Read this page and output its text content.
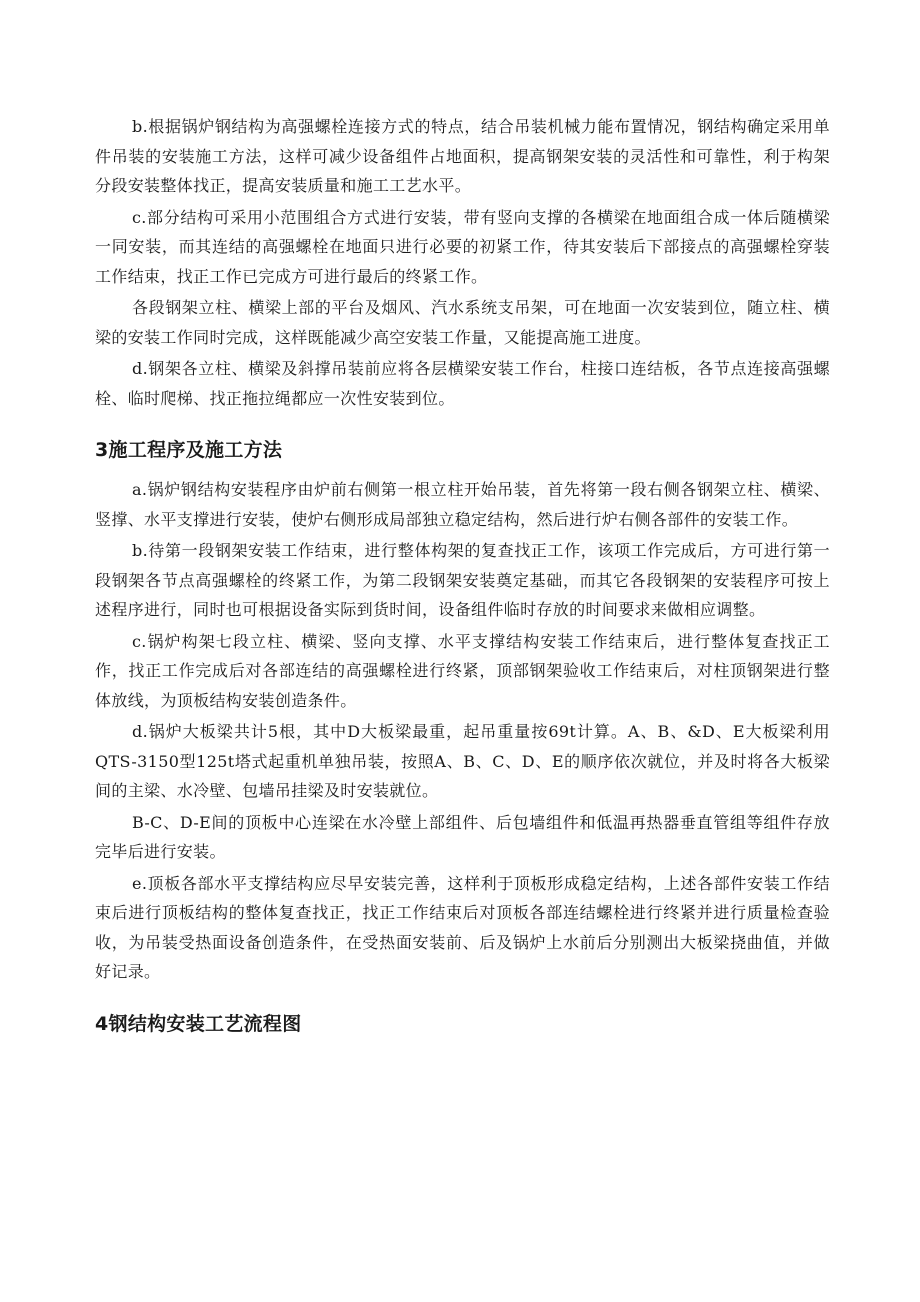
b.根据锅炉钢结构为高强螺栓连接方式的特点，结合吊装机械力能布置情况，钢结构确定采用单件吊装的安装施工方法，这样可减少设备组件占地面积，提高钢架安装的灵活性和可靠性，利于构架分段安装整体找正，提高安装质量和施工工艺水平。

c.部分结构可采用小范围组合方式进行安装，带有竖向支撑的各横梁在地面组合成一体后随横梁一同安装，而其连结的高强螺栓在地面只进行必要的初紧工作，待其安装后下部接点的高强螺栓穿装工作结束，找正工作已完成方可进行最后的终紧工作。

各段钢架立柱、横梁上部的平台及烟风、汽水系统支吊架，可在地面一次安装到位，随立柱、横梁的安装工作同时完成，这样既能减少高空安装工作量，又能提高施工进度。

d.钢架各立柱、横梁及斜撑吊装前应将各层横梁安装工作台，柱接口连结板，各节点连接高强螺栓、临时爬梯、找正拖拉绳都应一次性安装到位。

3施工程序及施工方法

a.锅炉钢结构安装程序由炉前右侧第一根立柱开始吊装，首先将第一段右侧各钢架立柱、横梁、竖撑、水平支撑进行安装，使炉右侧形成局部独立稳定结构，然后进行炉右侧各部件的安装工作。

b.待第一段钢架安装工作结束，进行整体构架的复查找正工作，该项工作完成后，方可进行第一段钢架各节点高强螺栓的终紧工作，为第二段钢架安装奠定基础，而其它各段钢架的安装程序可按上述程序进行，同时也可根据设备实际到货时间，设备组件临时存放的时间要求来做相应调整。

c.锅炉构架七段立柱、横梁、竖向支撑、水平支撑结构安装工作结束后，进行整体复查找正工作，找正工作完成后对各部连结的高强螺栓进行终紧，顶部钢架验收工作结束后，对柱顶钢架进行整体放线，为顶板结构安装创造条件。

d.锅炉大板梁共计5根，其中D大板梁最重，起吊重量按69t计算。A、B、&D、E大板梁利用QTS-3150型125t塔式起重机单独吊装，按照A、B、C、D、E的顺序依次就位，并及时将各大板梁间的主梁、水冷壁、包墙吊挂梁及时安装就位。

B-C、D-E间的顶板中心连梁在水冷壁上部组件、后包墙组件和低温再热器垂直管组等组件存放完毕后进行安装。

e.顶板各部水平支撑结构应尽早安装完善，这样利于顶板形成稳定结构，上述各部件安装工作结束后进行顶板结构的整体复查找正，找正工作结束后对顶板各部连结螺栓进行终紧并进行质量检查验收，为吊装受热面设备创造条件，在受热面安装前、后及锅炉上水前后分别测出大板梁挠曲值，并做好记录。

4钢结构安装工艺流程图
